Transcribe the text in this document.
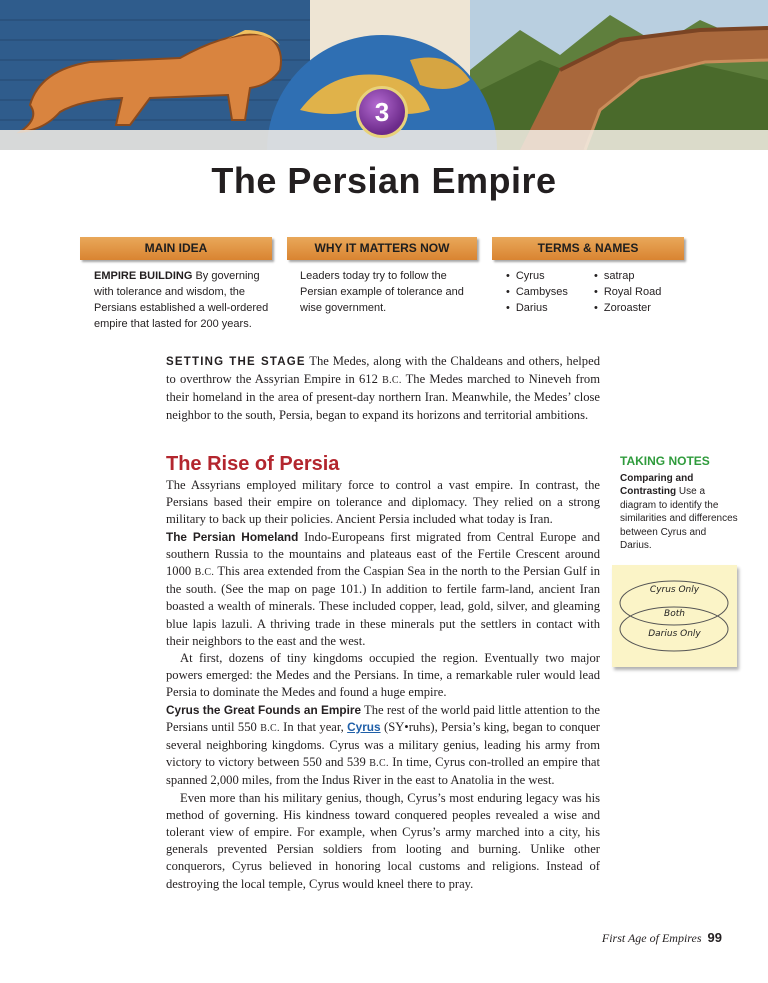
3
The Persian Empire
MAIN IDEA	WHY IT MATTERS NOW	TERMS & NAMES
EMPIRE BUILDING By governing with tolerance and wisdom, the Persians established a well-ordered empire that lasted for 200 years.
Leaders today try to follow the Persian example of tolerance and wise government.
• Cyrus
• Cambyses
• Darius
• satrap
• Royal Road
• Zoroaster
SETTING THE STAGE The Medes, along with the Chaldeans and others, helped to overthrow the Assyrian Empire in 612 B.C. The Medes marched to Nineveh from their homeland in the area of present-day northern Iran. Meanwhile, the Medes’ close neighbor to the south, Persia, began to expand its horizons and territorial ambitions.
The Rise of Persia

The Assyrians employed military force to control a vast empire. In contrast, the Persians based their empire on tolerance and diplomacy. They relied on a strong military to back up their policies. Ancient Persia included what today is Iran.

The Persian Homeland Indo-Europeans first migrated from Central Europe and southern Russia to the mountains and plateaus east of the Fertile Crescent around 1000 B.C. This area extended from the Caspian Sea in the north to the Persian Gulf in the south. (See the map on page 101.) In addition to fertile farm-land, ancient Iran boasted a wealth of minerals. These included copper, lead, gold, silver, and gleaming blue lapis lazuli. A thriving trade in these minerals put the settlers in contact with their neighbors to the east and the west.

At first, dozens of tiny kingdoms occupied the region. Eventually two major powers emerged: the Medes and the Persians. In time, a remarkable ruler would lead Persia to dominate the Medes and found a huge empire.

Cyrus the Great Founds an Empire The rest of the world paid little attention to the Persians until 550 B.C. In that year, Cyrus (SY•ruhs), Persia’s king, began to conquer several neighboring kingdoms. Cyrus was a military genius, leading his army from victory to victory between 550 and 539 B.C. In time, Cyrus con-trolled an empire that spanned 2,000 miles, from the Indus River in the east to Anatolia in the west.

Even more than his military genius, though, Cyrus’s most enduring legacy was his method of governing. His kindness toward conquered peoples revealed a wise and tolerant view of empire. For example, when Cyrus’s army marched into a city, his generals prevented Persian soldiers from looting and burning. Unlike other conquerors, Cyrus believed in honoring local customs and religions. Instead of destroying the local temple, Cyrus would kneel there to pray.

TAKING NOTES
Comparing and Contrasting Use a diagram to identify the similarities and differences between Cyrus and Darius.
Cyrus Only
Both
Darius Only
First Age of Empires 99
